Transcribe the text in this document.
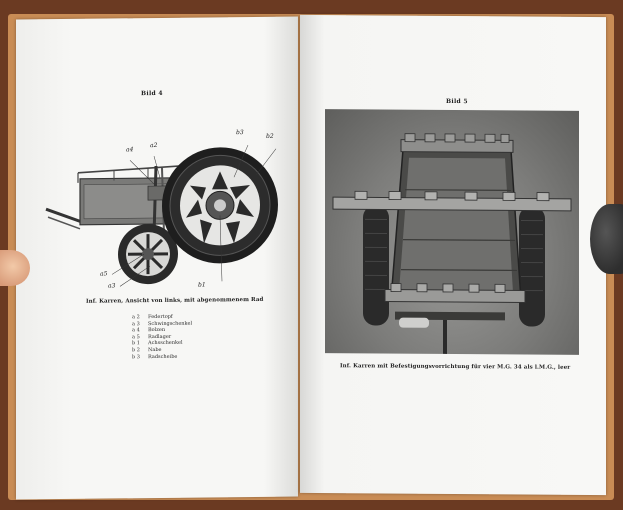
Bild 4
a4
a2
b3
b2
a5
a3	b1
Inf. Karren, Ansicht von links, mit abgenommenem Rad
a 2 Federtopf
a 3 Schwingschenkel
a 4 Bolzen
a 5 Radlager
b 1 Achsschenkel
b 2 Nabe
b 3 Radscheibe
Bild 5
Inf. Karren mit Befestigungsvorrichtung für vier M.G. 34 als l.M.G., leer
